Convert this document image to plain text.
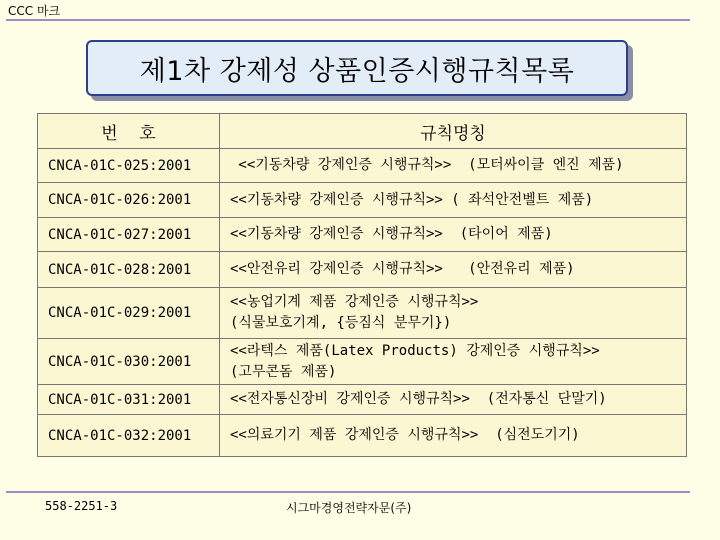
CCC 마크
제1차 강제성 상품인증시행규칙목록
번    호	규칙명칭
CNCA-01C-025:2001	<<기동차량 강제인증 시행규칙>>  (모터싸이클 엔진 제품)
CNCA-01C-026:2001	<<기동차량 강제인증 시행규칙>> ( 좌석안전벨트 제품)
CNCA-01C-027:2001	<<기동차량 강제인증 시행규칙>>  (타이어 제품)
CNCA-01C-028:2001	<<안전유리 강제인증 시행규칙>>   (안전유리 제품)
CNCA-01C-029:2001	<<농업기계 제품 강제인증 시행규칙>>
(식물보호기계, {등짐식 분무기})
CNCA-01C-030:2001	<<라텍스 제품(Latex Products) 강제인증 시행규칙>>
(고무콘돔 제품)
CNCA-01C-031:2001	<<전자통신장비 강제인증 시행규칙>>  (전자통신 단말기)
CNCA-01C-032:2001	<<의료기기 제품 강제인증 시행규칙>>  (심전도기기)
558-2251-3	시그마경영전략자문(주)
